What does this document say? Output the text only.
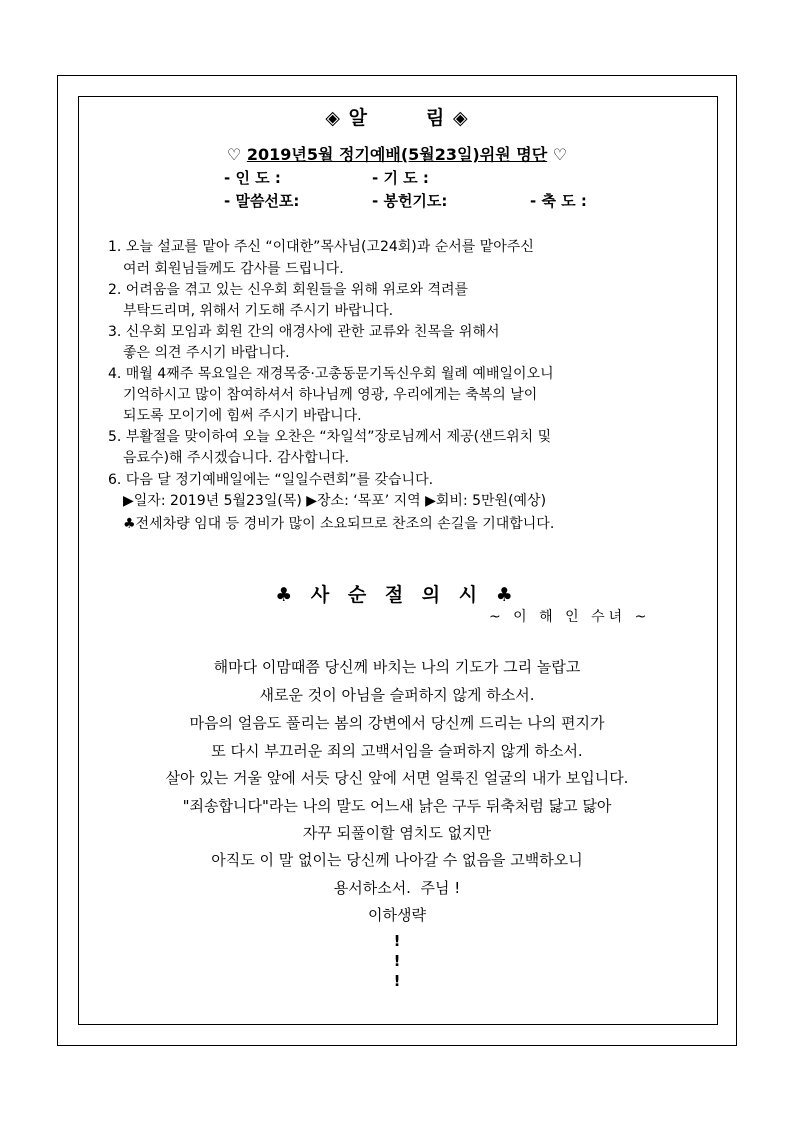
◈ 알	림 ◈
♡ 2019년5월 정기예배(5월23일)위원 명단 ♡
- 인 도 :	- 기 도 :
- 말씀선포:	- 봉헌기도:	- 축 도 :
1. 오늘 설교를 맡아 주신 “이대한”목사님(고24회)과 순서를 맡아주신
여러 회원님들께도 감사를 드립니다.
2. 어려움을 겪고 있는 신우회 회원들을 위해 위로와 격려를
부탁드리며, 위해서 기도해 주시기 바랍니다.
3. 신우회 모임과 회원 간의 애경사에 관한 교류와 친목을 위해서
좋은 의견 주시기 바랍니다.
4. 매월 4째주 목요일은 재경목중·고총동문기독신우회 월례 예배일이오니
기억하시고 많이 참여하셔서 하나님께 영광, 우리에게는 축복의 날이
되도록 모이기에 힘써 주시기 바랍니다.
5. 부활절을 맞이하여 오늘 오찬은 “차일석”장로님께서 제공(샌드위치 및
음료수)해 주시겠습니다. 감사합니다.
6. 다음 달 정기예배일에는 “일일수련회”를 갖습니다.
▶일자: 2019년 5월23일(목) ▶장소: ‘목포’ 지역 ▶회비: 5만원(예상)
♣전세차량 임대 등 경비가 많이 소요되므로 찬조의 손길을 기대합니다.
♣ 사 순 절 의 시 ♣
~ 이 해 인 수녀 ~
해마다 이맘때쯤 당신께 바치는 나의 기도가 그리 놀랍고
새로운 것이 아님을 슬퍼하지 않게 하소서.
마음의 얼음도 풀리는 봄의 강변에서 당신께 드리는 나의 편지가
또 다시 부끄러운 죄의 고백서임을 슬퍼하지 않게 하소서.
살아 있는 거울 앞에 서듯 당신 앞에 서면 얼룩진 얼굴의 내가 보입니다.
"죄송합니다"라는 나의 말도 어느새 낡은 구두 뒤축처럼 닳고 닳아
자꾸 되풀이할 염치도 없지만
아직도 이 말 없이는 당신께 나아갈 수 없음을 고백하오니
용서하소서.  주님 !
이하생략
!
!
!
